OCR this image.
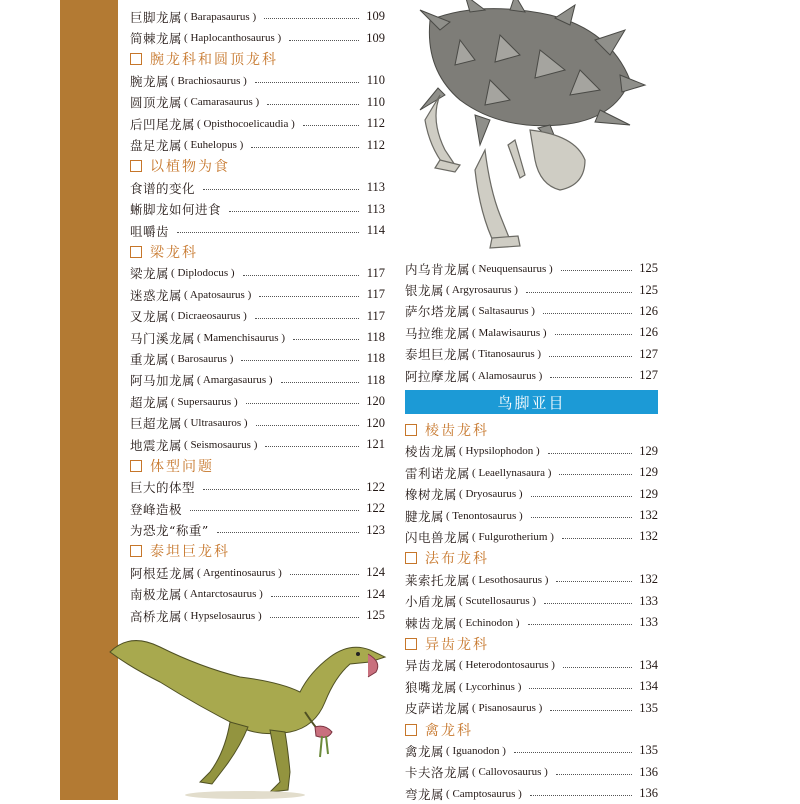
巨脚龙属 ( Barapasaurus )	109
简棘龙属 ( Haplocanthosaurus )	109
腕龙科和圆顶龙科
腕龙属 ( Brachiosaurus )	110
圆顶龙属 ( Camarasaurus )	110
后凹尾龙属 ( Opisthocoelicaudia )	112
盘足龙属 ( Euhelopus )	112
以植物为食
食谱的变化	113
蜥脚龙如何进食	113
咀嚼齿	114
梁龙科
梁龙属 ( Diplodocus )	117
迷惑龙属 ( Apatosaurus )	117
叉龙属 ( Dicraeosaurus )	117
马门溪龙属 ( Mamenchisaurus )	118
重龙属 ( Barosaurus )	118
阿马加龙属 ( Amargasaurus )	118
超龙属 ( Supersaurus )	120
巨超龙属 ( Ultrasauros )	120
地震龙属 ( Seismosaurus )	121
体型问题
巨大的体型	122
登峰造极	122
为恐龙“称重”	123
泰坦巨龙科
阿根廷龙属 ( Argentinosaurus )	124
南极龙属 ( Antarctosaurus )	124
高桥龙属 ( Hypselosaurus )	125
内乌肯龙属 ( Neuquensaurus )	125
银龙属 ( Argyrosaurus )	125
萨尔塔龙属 ( Saltasaurus )	126
马拉维龙属 ( Malawisaurus )	126
泰坦巨龙属 ( Titanosaurus )	127
阿拉摩龙属 ( Alamosaurus )	127
鸟脚亚目
棱齿龙科
棱齿龙属 ( Hypsilophodon )	129
雷利诺龙属 ( Leaellynasaura )	129
橡树龙属 ( Dryosaurus )	129
腱龙属 ( Tenontosaurus )	132
闪电兽龙属 ( Fulgurotherium )	132
法布龙科
莱索托龙属 ( Lesothosaurus )	132
小盾龙属 ( Scutellosaurus )	133
棘齿龙属 ( Echinodon )	133
异齿龙科
异齿龙属 ( Heterodontosaurus )	134
狼嘴龙属 ( Lycorhinus )	134
皮萨诺龙属 ( Pisanosaurus )	135
禽龙科
禽龙属 ( Iguanodon )	135
卡夫洛龙属 ( Callovosaurus )	136
弯龙属 ( Camptosaurus )	136
